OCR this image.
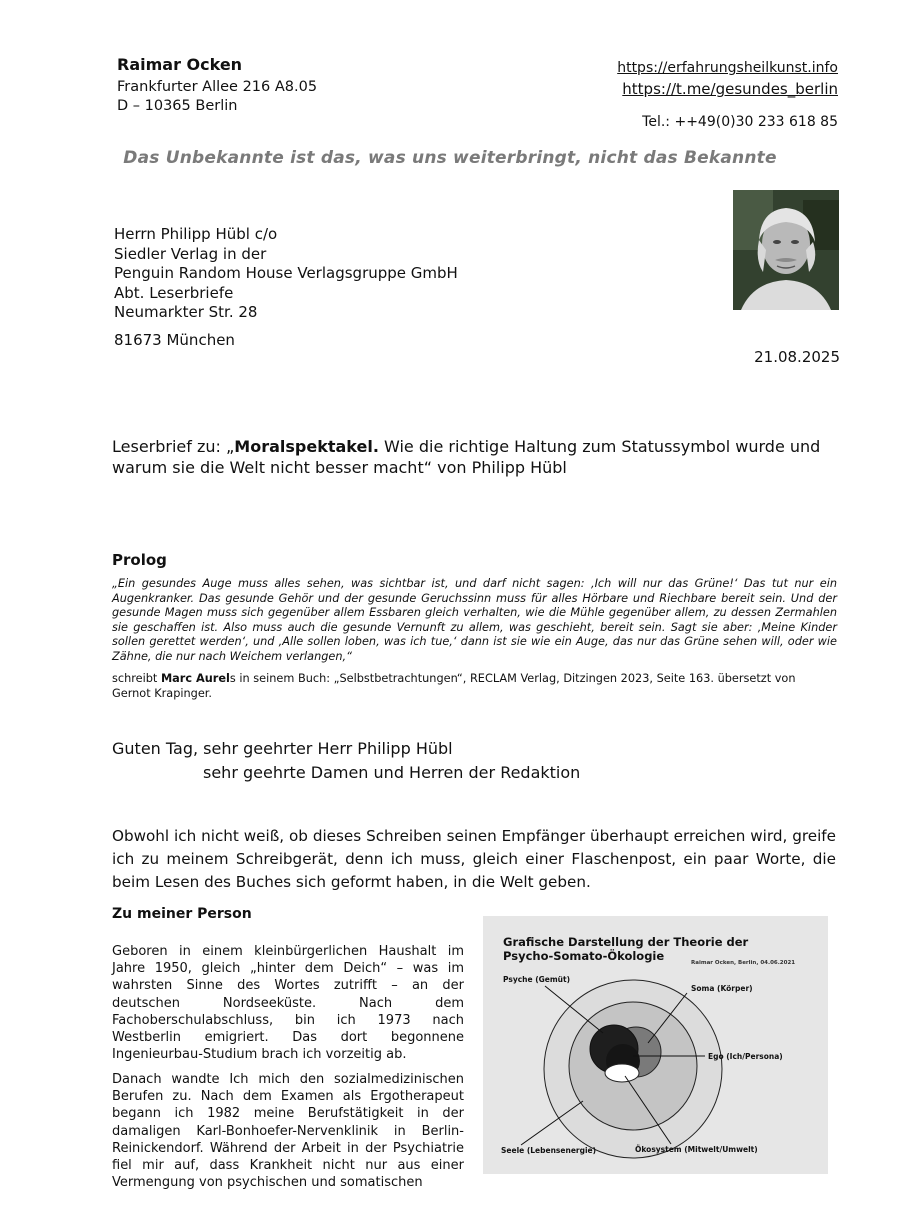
Raimar Ocken
Frankfurter Allee 216 A8.05
D – 10365 Berlin
https://erfahrungsheilkunst.info
https://t.me/gesundes_berlin
Tel.: ++49(0)30 233 618 85
Das Unbekannte ist das, was uns weiterbringt, nicht das Bekannte
Herrn Philipp Hübl c/o
Siedler Verlag in der
Penguin Random House Verlagsgruppe GmbH
Abt. Leserbriefe
Neumarkter Str. 28
81673 München
21.08.2025
Leserbrief zu: „Moralspektakel. Wie die richtige Haltung zum Statussymbol wurde und warum sie die Welt nicht besser macht“ von Philipp Hübl
Prolog
„Ein gesundes Auge muss alles sehen, was sichtbar ist, und darf nicht sagen: ‚Ich will nur das Grüne!‘ Das tut nur ein Augenkranker. Das gesunde Gehör und der gesunde Geruchssinn muss für alles Hörbare und Riechbare bereit sein. Und der gesunde Magen muss sich gegenüber allem Essbaren gleich verhalten, wie die Mühle gegenüber allem, zu dessen Zermahlen sie geschaffen ist. Also muss auch die gesunde Vernunft zu allem, was geschieht, bereit sein. Sagt sie aber: ‚Meine Kinder sollen gerettet werden‘, und ‚Alle sollen loben, was ich tue,‘ dann ist sie wie ein Auge, das nur das Grüne sehen will, oder wie Zähne, die nur nach Weichem verlangen,“
schreibt Marc Aurels in seinem Buch: „Selbstbetrachtungen“, RECLAM Verlag, Ditzingen 2023, Seite 163. übersetzt von Gernot Krapinger.
Guten Tag, sehr geehrter Herr Philipp Hübl
sehr geehrte Damen und Herren der Redaktion
Obwohl ich nicht weiß, ob dieses Schreiben seinen Empfänger überhaupt erreichen wird, greife ich zu meinem Schreibgerät, denn ich muss, gleich einer Flaschenpost, ein paar Worte, die beim Lesen des Buches sich geformt haben, in die Welt geben.
Zu meiner Person
Geboren in einem kleinbürgerlichen Haushalt im Jahre 1950, gleich „hinter dem Deich“ – was im wahrsten Sinne des Wortes zutrifft – an der deutschen Nordseeküste. Nach dem Fachoberschulabschluss, bin ich 1973 nach Westberlin emigriert. Das dort begonnene Ingenieurbau-Studium brach ich vorzeitig ab.
Danach wandte Ich mich den sozialmedizinischen Berufen zu. Nach dem Examen als Ergotherapeut begann ich 1982 meine Berufstätigkeit in der damaligen Karl-Bonhoefer-Nervenklinik in Berlin-Reinickendorf. Während der Arbeit in der Psychiatrie fiel mir auf, dass Krankheit nicht nur aus einer Vermengung von psychischen und somatischen
Grafische Darstellung der Theorie der
Psycho-Somato-Ökologie	Raimar Ocken, Berlin, 04.06.2021
Psyche (Gemüt)
Soma (Körper)
Ego (Ich/Persona)
Seele (Lebensenergie)	Ökosystem (Mitwelt/Umwelt)
